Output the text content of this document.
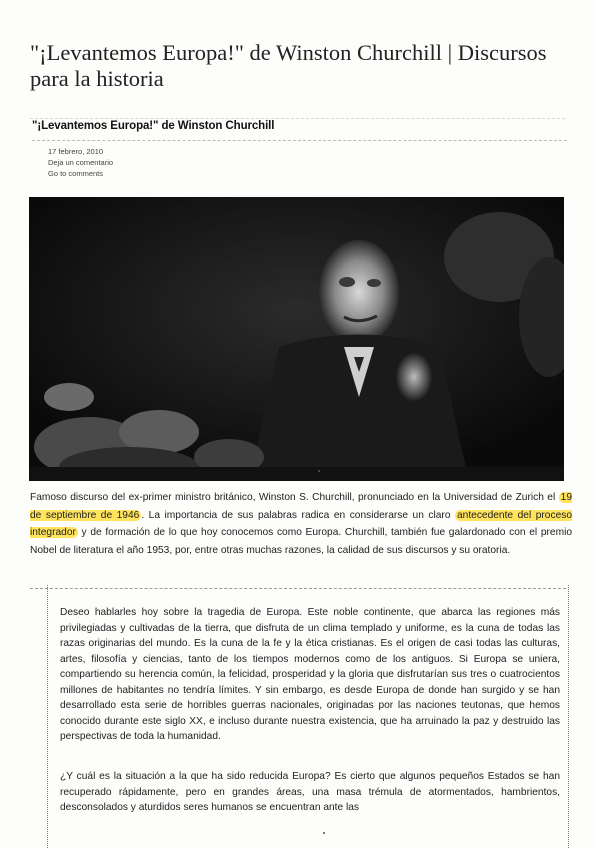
"¡Levantemos Europa!" de Winston Churchill | Discursos para la historia
"¡Levantemos Europa!" de Winston Churchill
17 febrero, 2010
Deja un comentario
Go to comments
Famoso discurso del ex-primer ministro británico, Winston S. Churchill, pronunciado en la Universidad de Zurich el 19 de septiembre de 1946 . La importancia de sus palabras radica en considerarse un claro antecedente del proceso integrador y de formación de lo que hoy conocemos como Europa. Churchill, también fue galardonado con el premio Nobel de literatura el año 1953, por, entre otras muchas razones, la calidad de sus discursos y su oratoria.

Deseo hablarles hoy sobre la tragedia de Europa. Este noble continente, que abarca las regiones más privilegiadas y cultivadas de la tierra, que disfruta de un clima templado y uniforme, es la cuna de todas las razas originarias del mundo. Es la cuna de la fe y la ética cristianas. Es el origen de casi todas las culturas, artes, filosofía y ciencias, tanto de los tiempos modernos como de los antiguos. Si Europa se uniera, compartiendo su herencia común, la felicidad, prosperidad y la gloria que disfrutarían sus tres o cuatrocientos millones de habitantes no tendría límites. Y sin embargo, es desde Europa de donde han surgido y se han desarrollado esta serie de horribles guerras nacionales, originadas por las naciones teutonas, que hemos conocido durante este siglo XX, e incluso durante nuestra existencia, que ha arruinado la paz y destruido las perspectivas de toda la humanidad.

¿Y cuál es la situación a la que ha sido reducida Europa? Es cierto que algunos pequeños Estados se han recuperado rápidamente, pero en grandes áreas, una masa trémula de atormentados, hambrientos, desconsolados y aturdidos seres humanos se encuentran ante las
